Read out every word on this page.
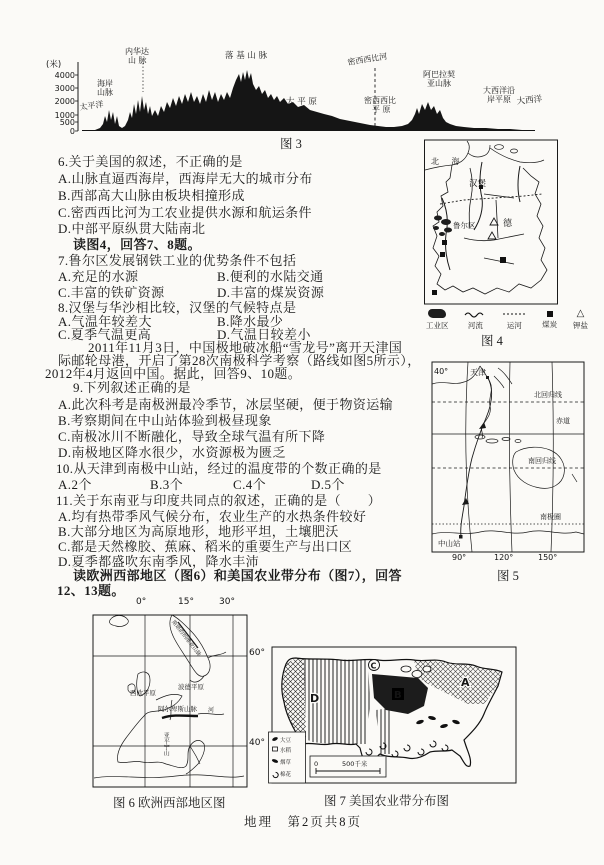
(米)
4000
3000
2000
1000
500
0
内华达
山 脉	落 基 山 脉
海岸
山脉
太平洋	大 平 原
密西西比河
密西西比
平 原
阿巴拉契
亚山脉
大西洋沿
岸平原 大西洋
图 3
6.关于美国的叙述，不正确的是
A.山脉直逼西海岸，西海岸无大的城市分布
B.西部高大山脉由板块相撞形成
C.密西西比河为工农业提供水源和航运条件
D.中部平原纵贯大陆南北
读图4，回答7、8题。
7.鲁尔区发展钢铁工业的优势条件不包括
A.充足的水源	B.便利的水陆交通
C.丰富的铁矿资源	D.丰富的煤炭资源
8.汉堡与华沙相比较，汉堡的气候特点是
A.气温年较差大	B.降水最少
C.夏季气温更高	D.气温日较差小
2011年11月3日，中国极地破冰船“雪龙号”离开天津国
际邮轮母港，开启了第28次南极科学考察（路线如图5所示），
2012年4月返回中国。据此，回答9、10题。
9.下列叙述正确的是
A.此次科考是南极洲最冷季节，冰层坚硬，便于物资运输
B.考察期间在中山站体验到极昼现象
C.南极冰川不断融化，导致全球气温有所下降
D.南极地区降水很少，水资源极为匮乏
10.从天津到南极中山站，经过的温度带的个数正确的是
A.2个	B.3个	C.4个	D.5个
11.关于东南亚与印度共同点的叙述，正确的是（　　）
A.均有热带季风气候分布，农业生产的水热条件较好
B.大部分地区为高原地形，地形平坦，土壤肥沃
C.都是天然橡胶、蕉麻、稻米的重要生产与出口区
D.夏季都盛吹东南季风，降水丰沛
读欧洲西部地区（图6）和美国农业带分布（图7），回答
12、13题。
北 海
汉堡
鲁尔区	德
工业区	河流	运河	煤炭
△
钾盐
图 4
40°	天津
北回归线
赤道
南回归线
南极圈
中山站
90°	120°	150°
图 5
0°	15°	30°
60°
40°
斯堪的纳维亚山脉
西欧平原
波德平原
阿尔卑斯山脉 河
亚平宁山
图 6 欧洲西部地区图
0	500千米
大豆
水稻
烟草
棉花
C
B
D
A
图 7 美国农业带分布图
地理　第2页共8页
